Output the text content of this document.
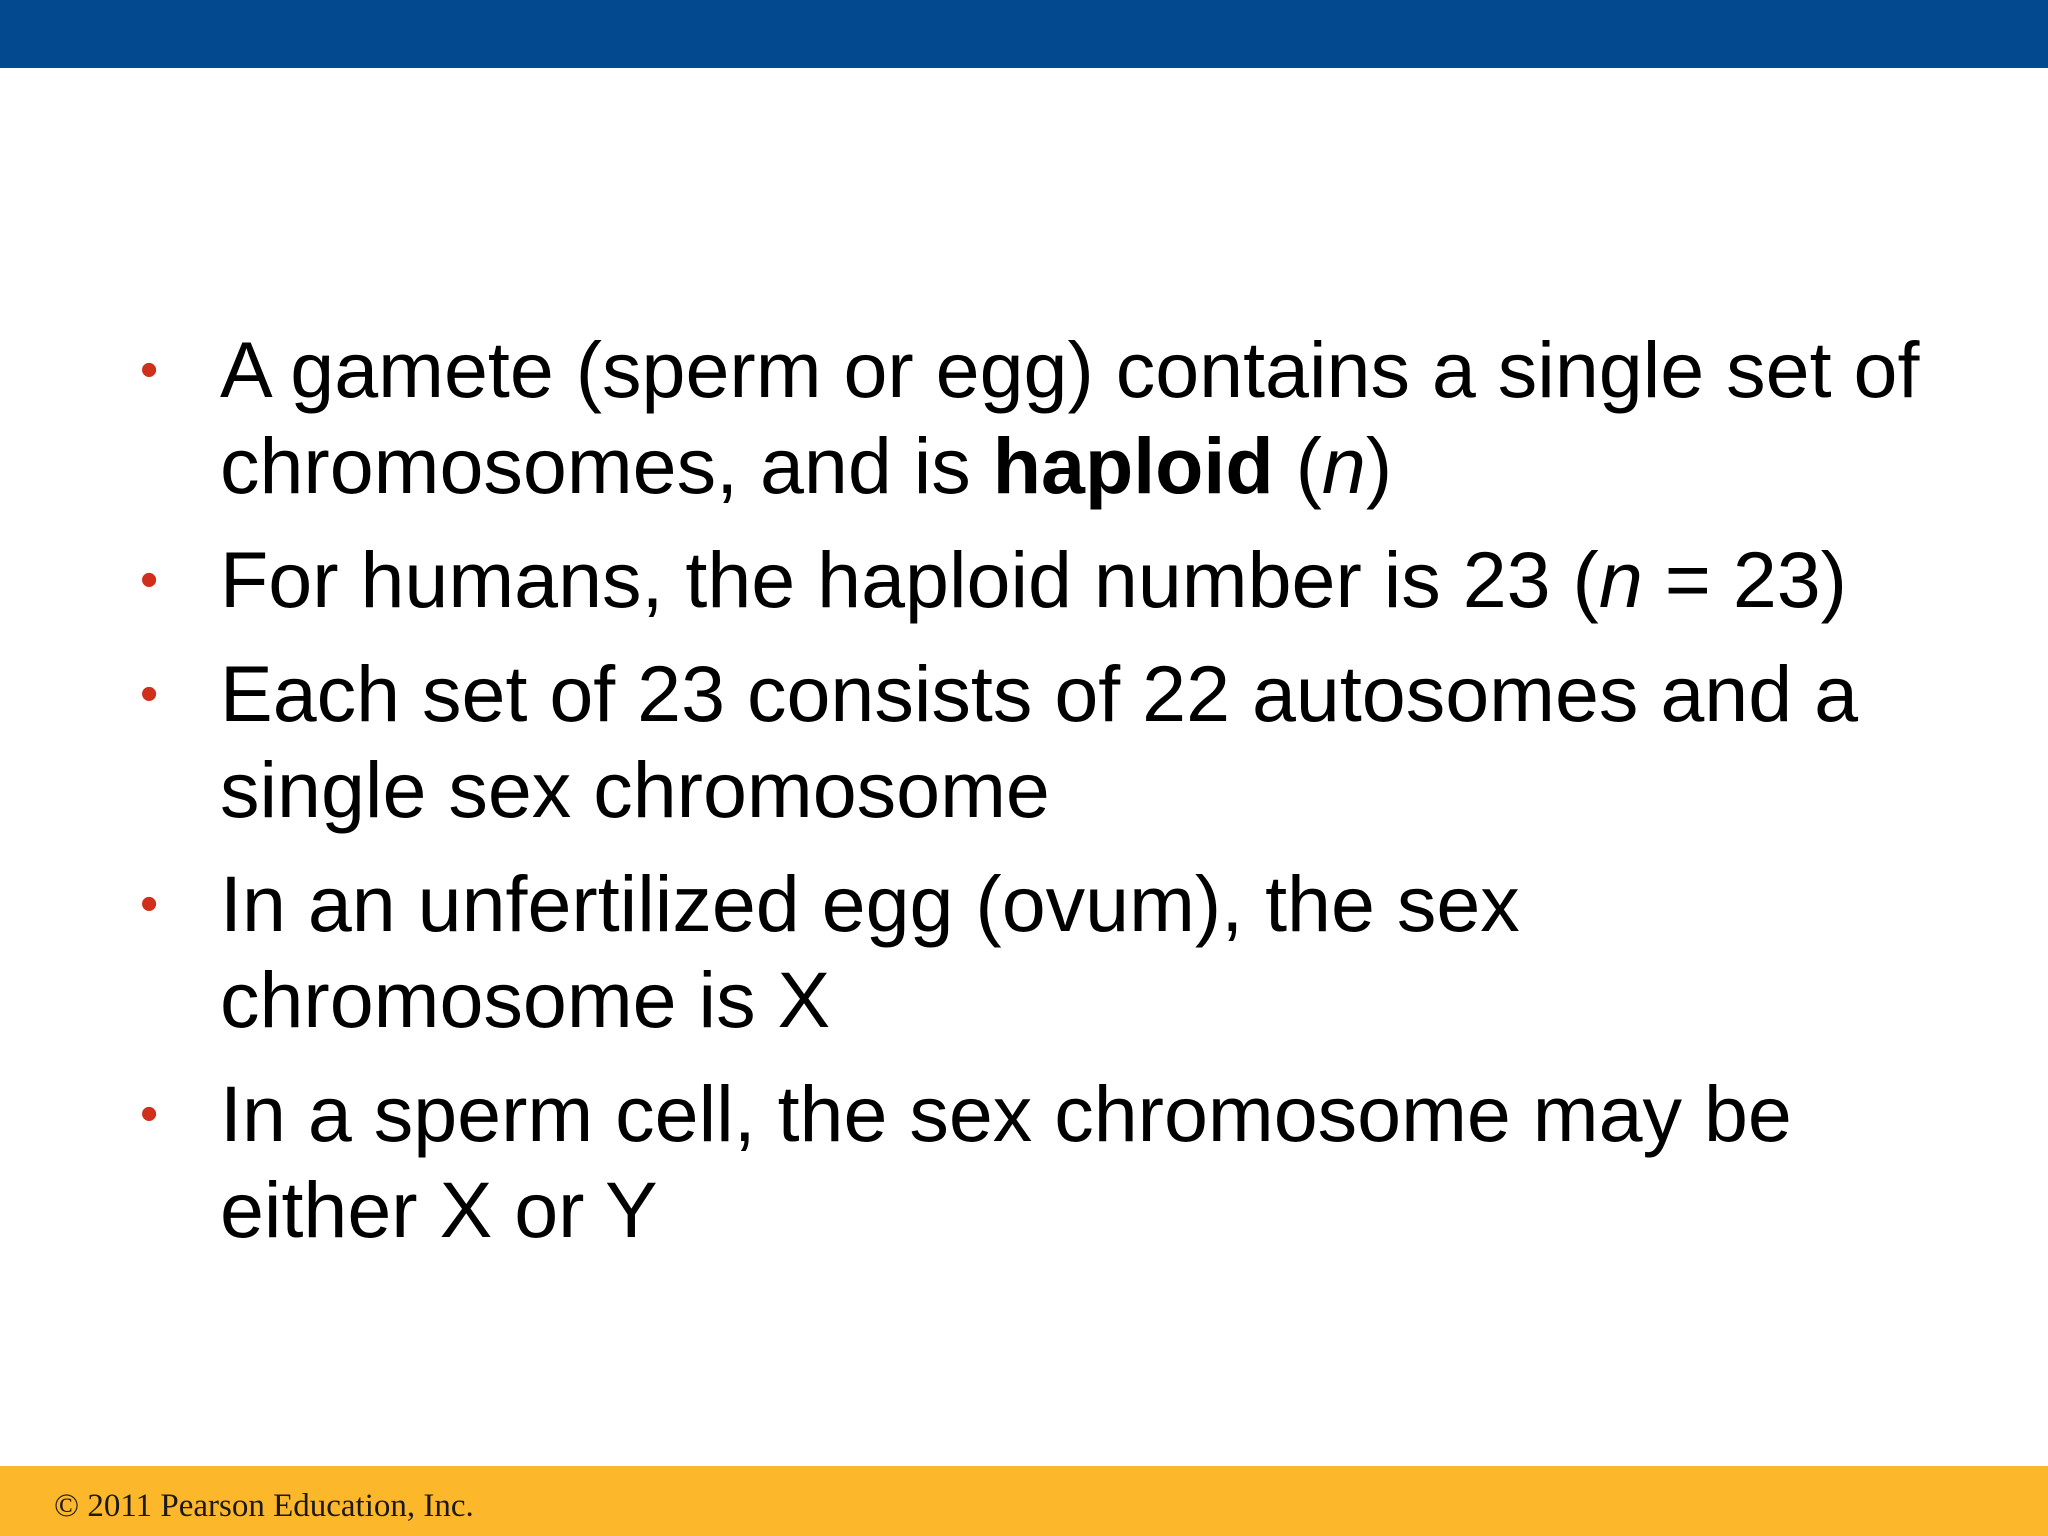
• A gamete (sperm or egg) contains a single set of chromosomes, and is haploid (n)
• For humans, the haploid number is 23 (n = 23)
• Each set of 23 consists of 22 autosomes and a single sex chromosome
• In an unfertilized egg (ovum), the sex chromosome is X
• In a sperm cell, the sex chromosome may be either X or Y
© 2011 Pearson Education, Inc.
